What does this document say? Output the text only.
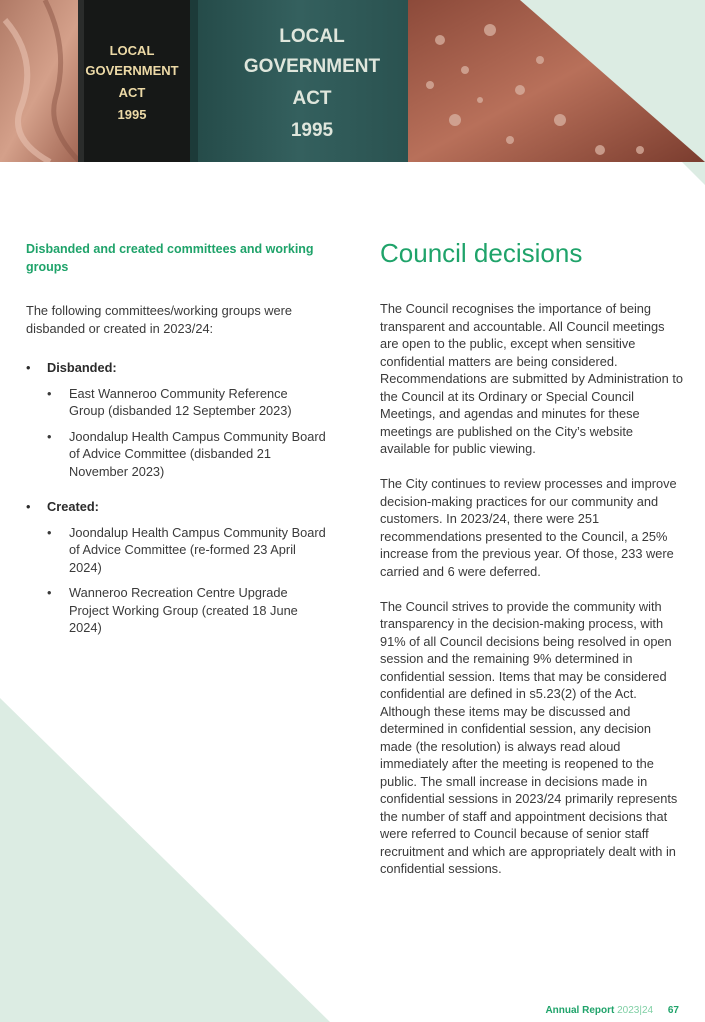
LOCAL
GOVERNMENT
ACT
1995
LOCAL
GOVERNMENT
ACT
1995

Disbanded and created committees and working groups

The following committees/working groups were disbanded or created in 2023/24:

• Disbanded:
• East Wanneroo Community Reference Group (disbanded 12 September 2023)
• Joondalup Health Campus Community Board of Advice Committee (disbanded 21 November 2023)
• Created:
• Joondalup Health Campus Community Board of Advice Committee (re-formed 23 April 2024)
• Wanneroo Recreation Centre Upgrade Project Working Group (created 18 June 2024)
Council decisions

The Council recognises the importance of being transparent and accountable. All Council meetings are open to the public, except when sensitive confidential matters are being considered. Recommendations are submitted by Administration to the Council at its Ordinary or Special Council Meetings, and agendas and minutes for these meetings are published on the City’s website available for public viewing.

The City continues to review processes and improve decision-making practices for our community and customers. In 2023/24, there were 251 recommendations presented to the Council, a 25% increase from the previous year. Of those, 233 were carried and 6 were deferred.

The Council strives to provide the community with transparency in the decision-making process, with 91% of all Council decisions being resolved in open session and the remaining 9% determined in confidential session. Items that may be considered confidential are defined in s5.23(2) of the Act. Although these items may be discussed and determined in confidential session, any decision made (the resolution) is always read aloud immediately after the meeting is reopened to the public. The small increase in decisions made in confidential sessions in 2023/24 primarily represents the number of staff and appointment decisions that were referred to Council because of senior staff recruitment and which are appropriately dealt with in confidential sessions.

Annual Report 2023|24 67
